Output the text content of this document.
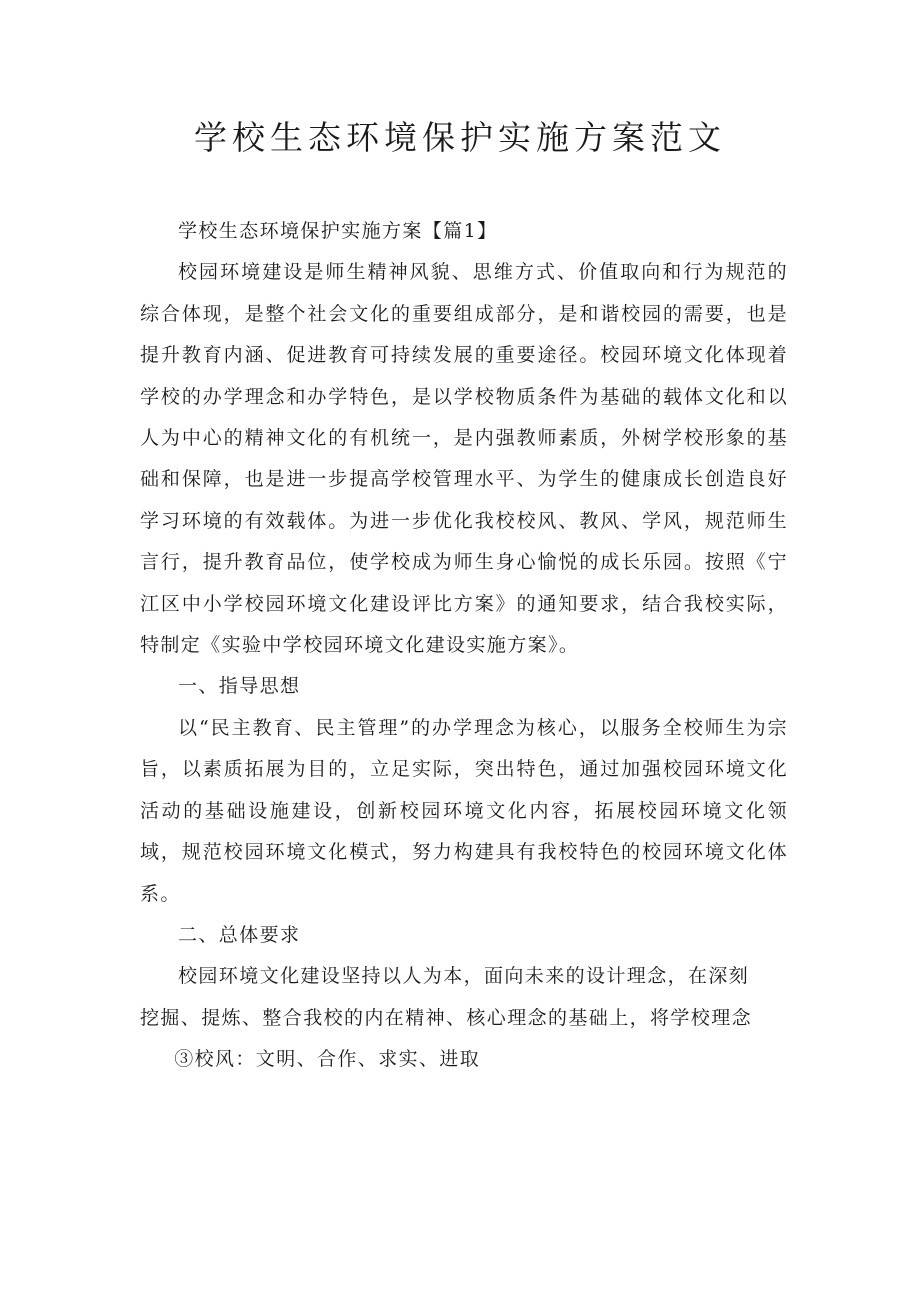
学校生态环境保护实施方案范文

学校生态环境保护实施方案【篇1】

校园环境建设是师生精神风貌、思维方式、价值取向和行为规范的综合体现，是整个社会文化的重要组成部分，是和谐校园的需要，也是提升教育内涵、促进教育可持续发展的重要途径。校园环境文化体现着学校的办学理念和办学特色，是以学校物质条件为基础的载体文化和以人为中心的精神文化的有机统一，是内强教师素质，外树学校形象的基础和保障，也是进一步提高学校管理水平、为学生的健康成长创造良好学习环境的有效载体。为进一步优化我校校风、教风、学风，规范师生言行，提升教育品位，使学校成为师生身心愉悦的成长乐园。按照《宁江区中小学校园环境文化建设评比方案》的通知要求，结合我校实际，特制定《实验中学校园环境文化建设实施方案》。

一、指导思想

以“民主教育、民主管理”的办学理念为核心，以服务全校师生为宗旨，以素质拓展为目的，立足实际，突出特色，通过加强校园环境文化活动的基础设施建设，创新校园环境文化内容，拓展校园环境文化领域，规范校园环境文化模式，努力构建具有我校特色的校园环境文化体系。

二、总体要求

校园环境文化建设坚持以人为本，面向未来的设计理念，在深刻

挖掘、提炼、整合我校的内在精神、核心理念的基础上，将学校理念

③校风：文明、合作、求实、进取
